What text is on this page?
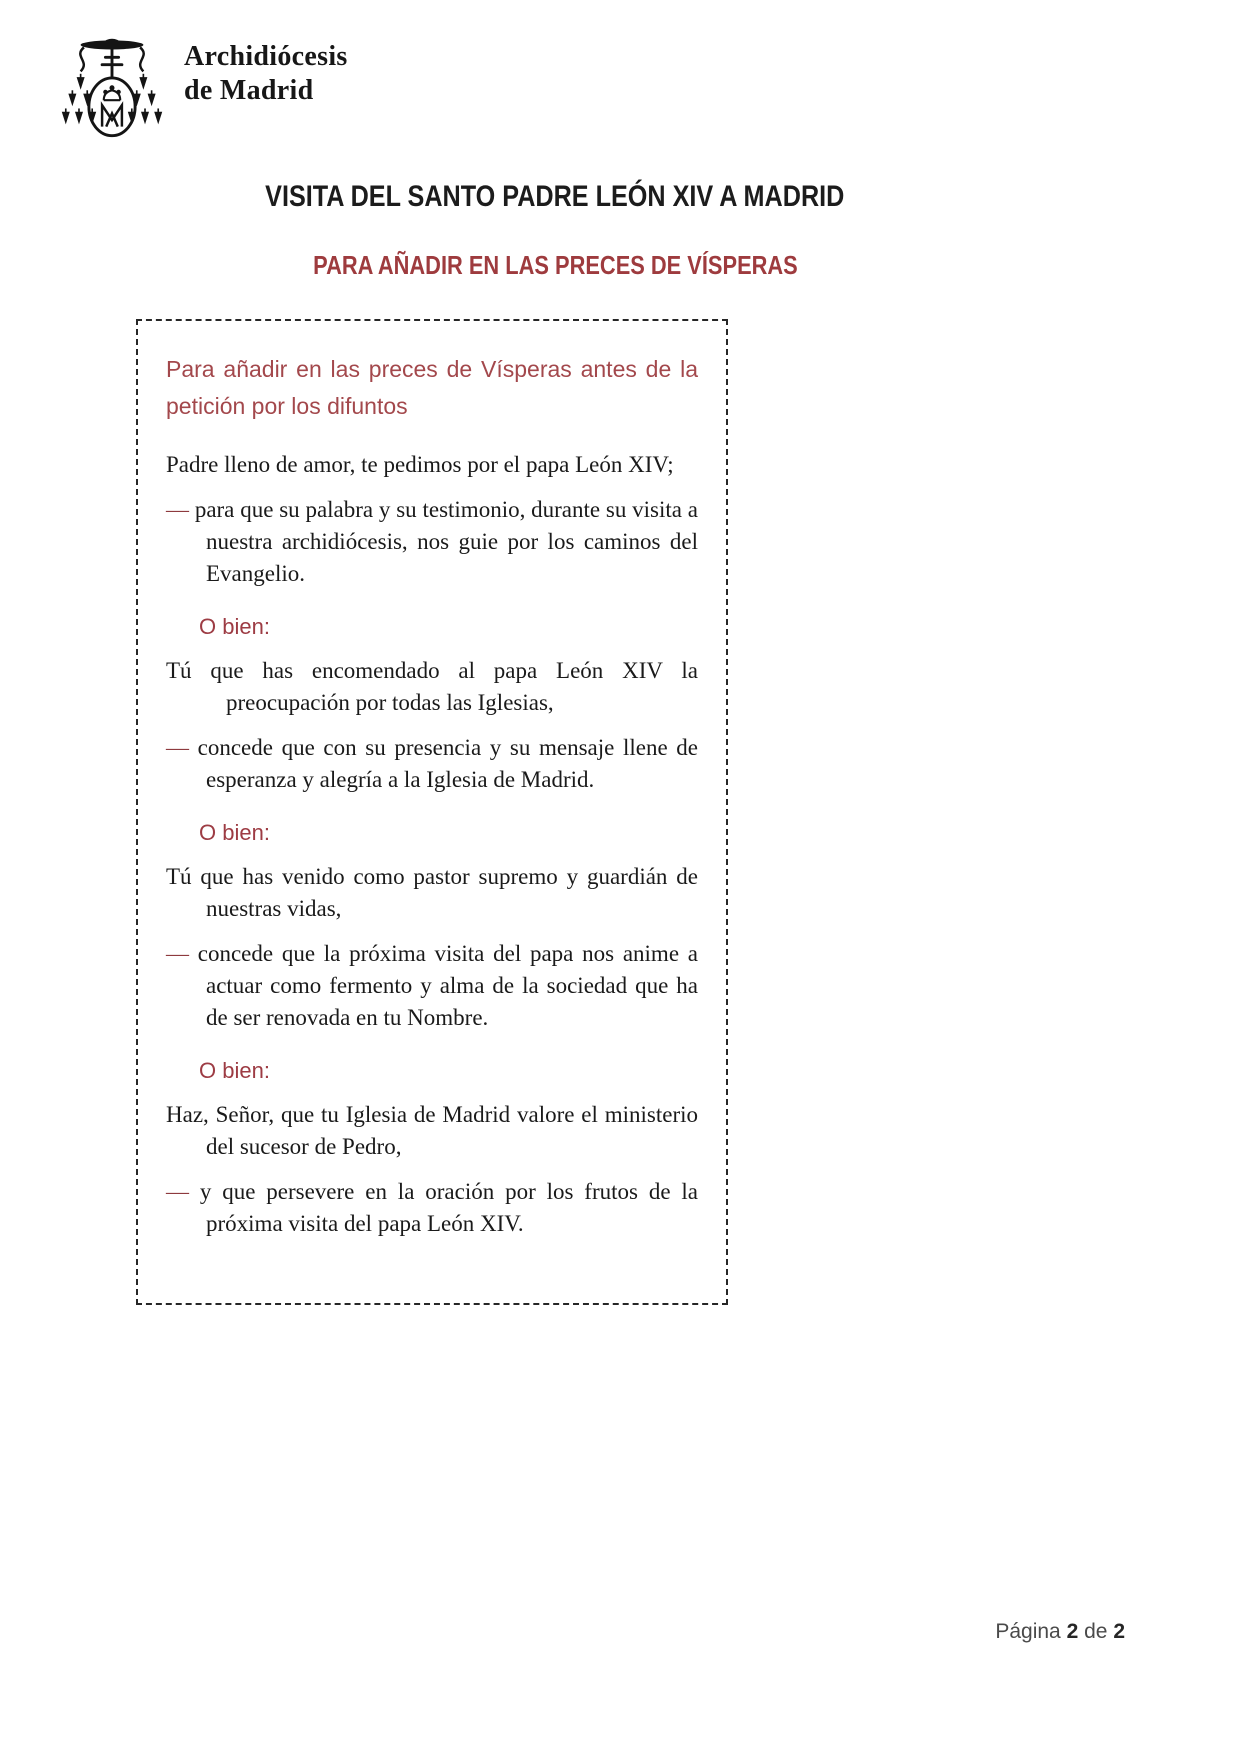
Archidiócesis
de Madrid
VISITA DEL SANTO PADRE LEÓN XIV A MADRID
PARA AÑADIR EN LAS PRECES DE VÍSPERAS
Para añadir en las preces de Vísperas antes de la petición por los difuntos

Padre lleno de amor, te pedimos por el papa León XIV;

— para que su palabra y su testimonio, durante su visita a nuestra archidiócesis, nos guie por los caminos del Evangelio.

O bien:

Tú que has encomendado al papa León XIV la preocupación por todas las Iglesias,

— concede que con su presencia y su mensaje llene de esperanza y alegría a la Iglesia de Madrid.

O bien:

Tú que has venido como pastor supremo y guardián de nuestras vidas,

— concede que la próxima visita del papa nos anime a actuar como fermento y alma de la sociedad que ha de ser renovada en tu Nombre.

O bien:

Haz, Señor, que tu Iglesia de Madrid valore el ministerio del sucesor de Pedro,

— y que persevere en la oración por los frutos de la próxima visita del papa León XIV.

Página 2 de 2
